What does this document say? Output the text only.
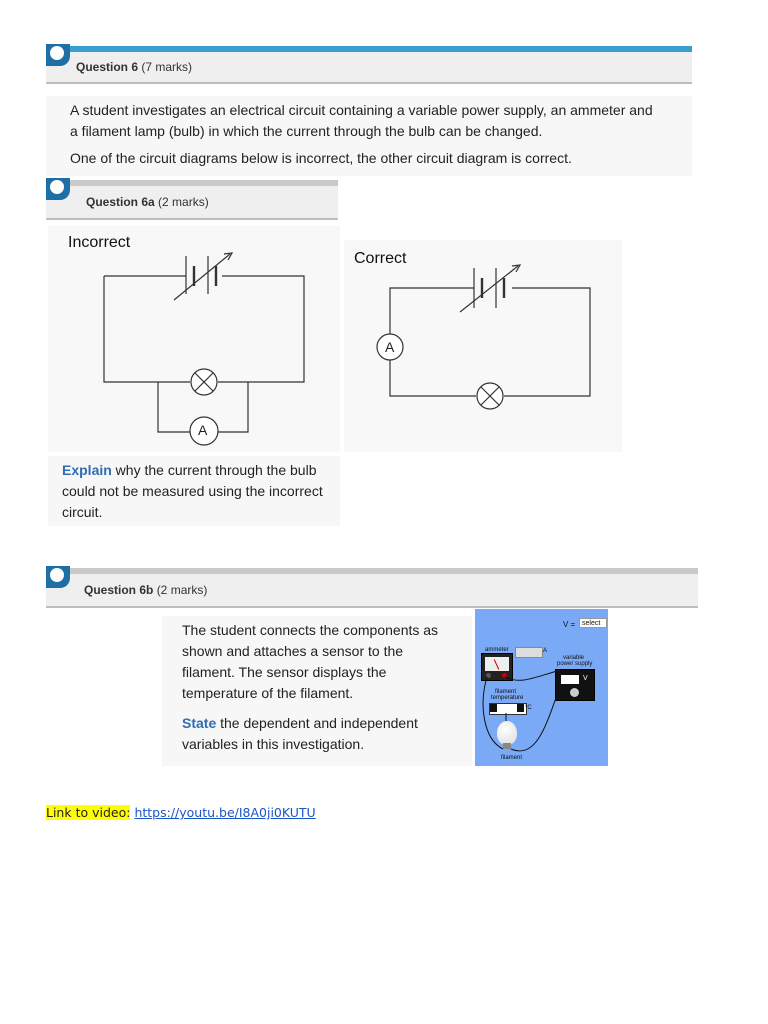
Question 6 (7 marks)

A student investigates an electrical circuit containing a variable power supply, an ammeter and

a filament lamp (bulb) in which the current through the bulb can be changed.

One of the circuit diagrams below is incorrect, the other circuit diagram is correct.

Question 6a (2 marks)
Incorrect
A
Correct
A
Explain why the current through the bulb
could not be measured using the incorrect
circuit.
Question 6b (2 marks)
The student connects the components as
shown and attaches a sensor to the
filament. The sensor displays the
temperature of the filament.
State the dependent and independent
variables in this investigation.
V = select
ammeter	A
variable
power supply
V
filament
temperature
°C
filament
Link to video: https://youtu.be/I8A0ji0KUTU
